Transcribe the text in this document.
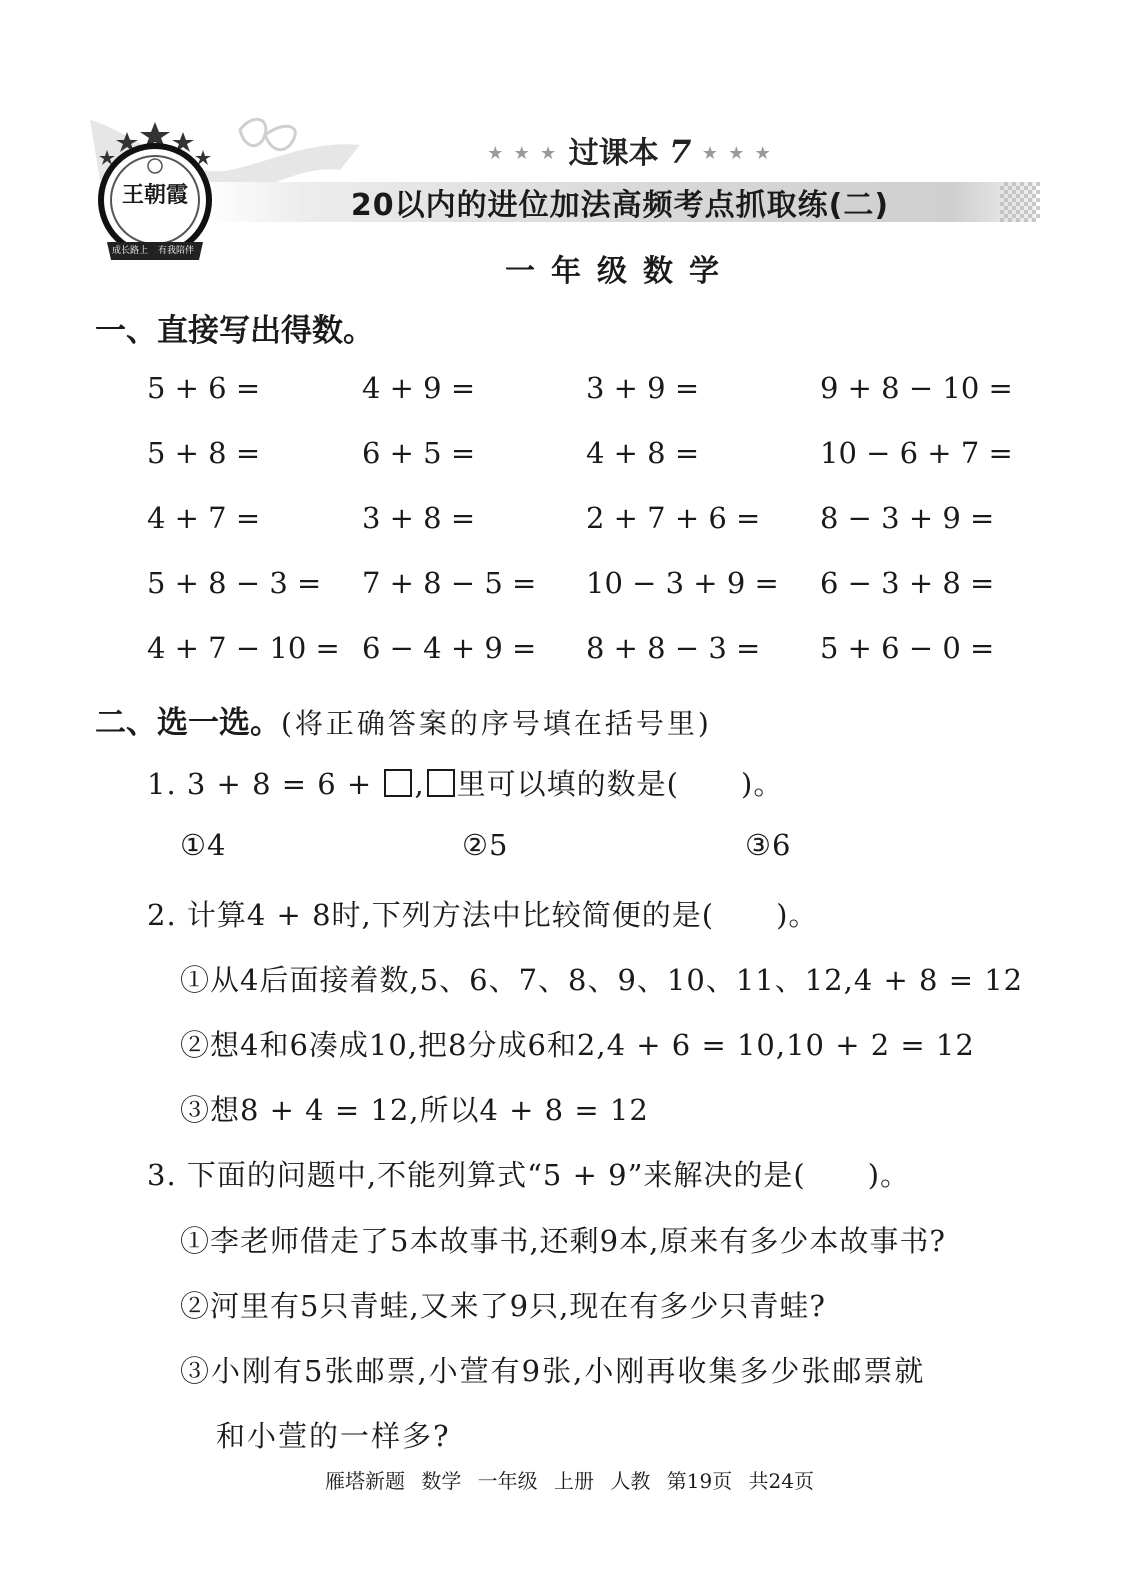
王朝霞
成长路上 有我陪伴
★ ★ ★ 过课本 7 ★ ★ ★
20以内的进位加法高频考点抓取练(二)
一年级数学
一、直接写出得数。
5 + 6 =	4 + 9 =	3 + 9 =	9 + 8 − 10 =
5 + 8 =	6 + 5 =	4 + 8 =	10 − 6 + 7 =
4 + 7 =	3 + 8 =	2 + 7 + 6 = 8 − 3 + 9 =
5 + 8 − 3 = 7 + 8 − 5 = 10 − 3 + 9 = 6 − 3 + 8 =
4 + 7 − 10 = 6 − 4 + 9 = 8 + 8 − 3 = 5 + 6 − 0 =
二、选一选。(将正确答案的序号填在括号里)
1. 3 + 8 = 6 + , 里可以填的数是( )。
①4	②5	③6
2. 计算4 + 8时,下列方法中比较简便的是( )。
①从4后面接着数,5、6、7、8、9、10、11、12,4 + 8 = 12
②想4和6凑成10,把8分成6和2,4 + 6 = 10,10 + 2 = 12
③想8 + 4 = 12,所以4 + 8 = 12
3. 下面的问题中,不能列算式“5 + 9”来解决的是( )。
①李老师借走了5本故事书,还剩9本,原来有多少本故事书?
②河里有5只青蛙,又来了9只,现在有多少只青蛙?
③小刚有5张邮票,小萱有9张,小刚再收集多少张邮票就
和小萱的一样多?
雁塔新题 数学 一年级 上册 人教 第19页 共24页
